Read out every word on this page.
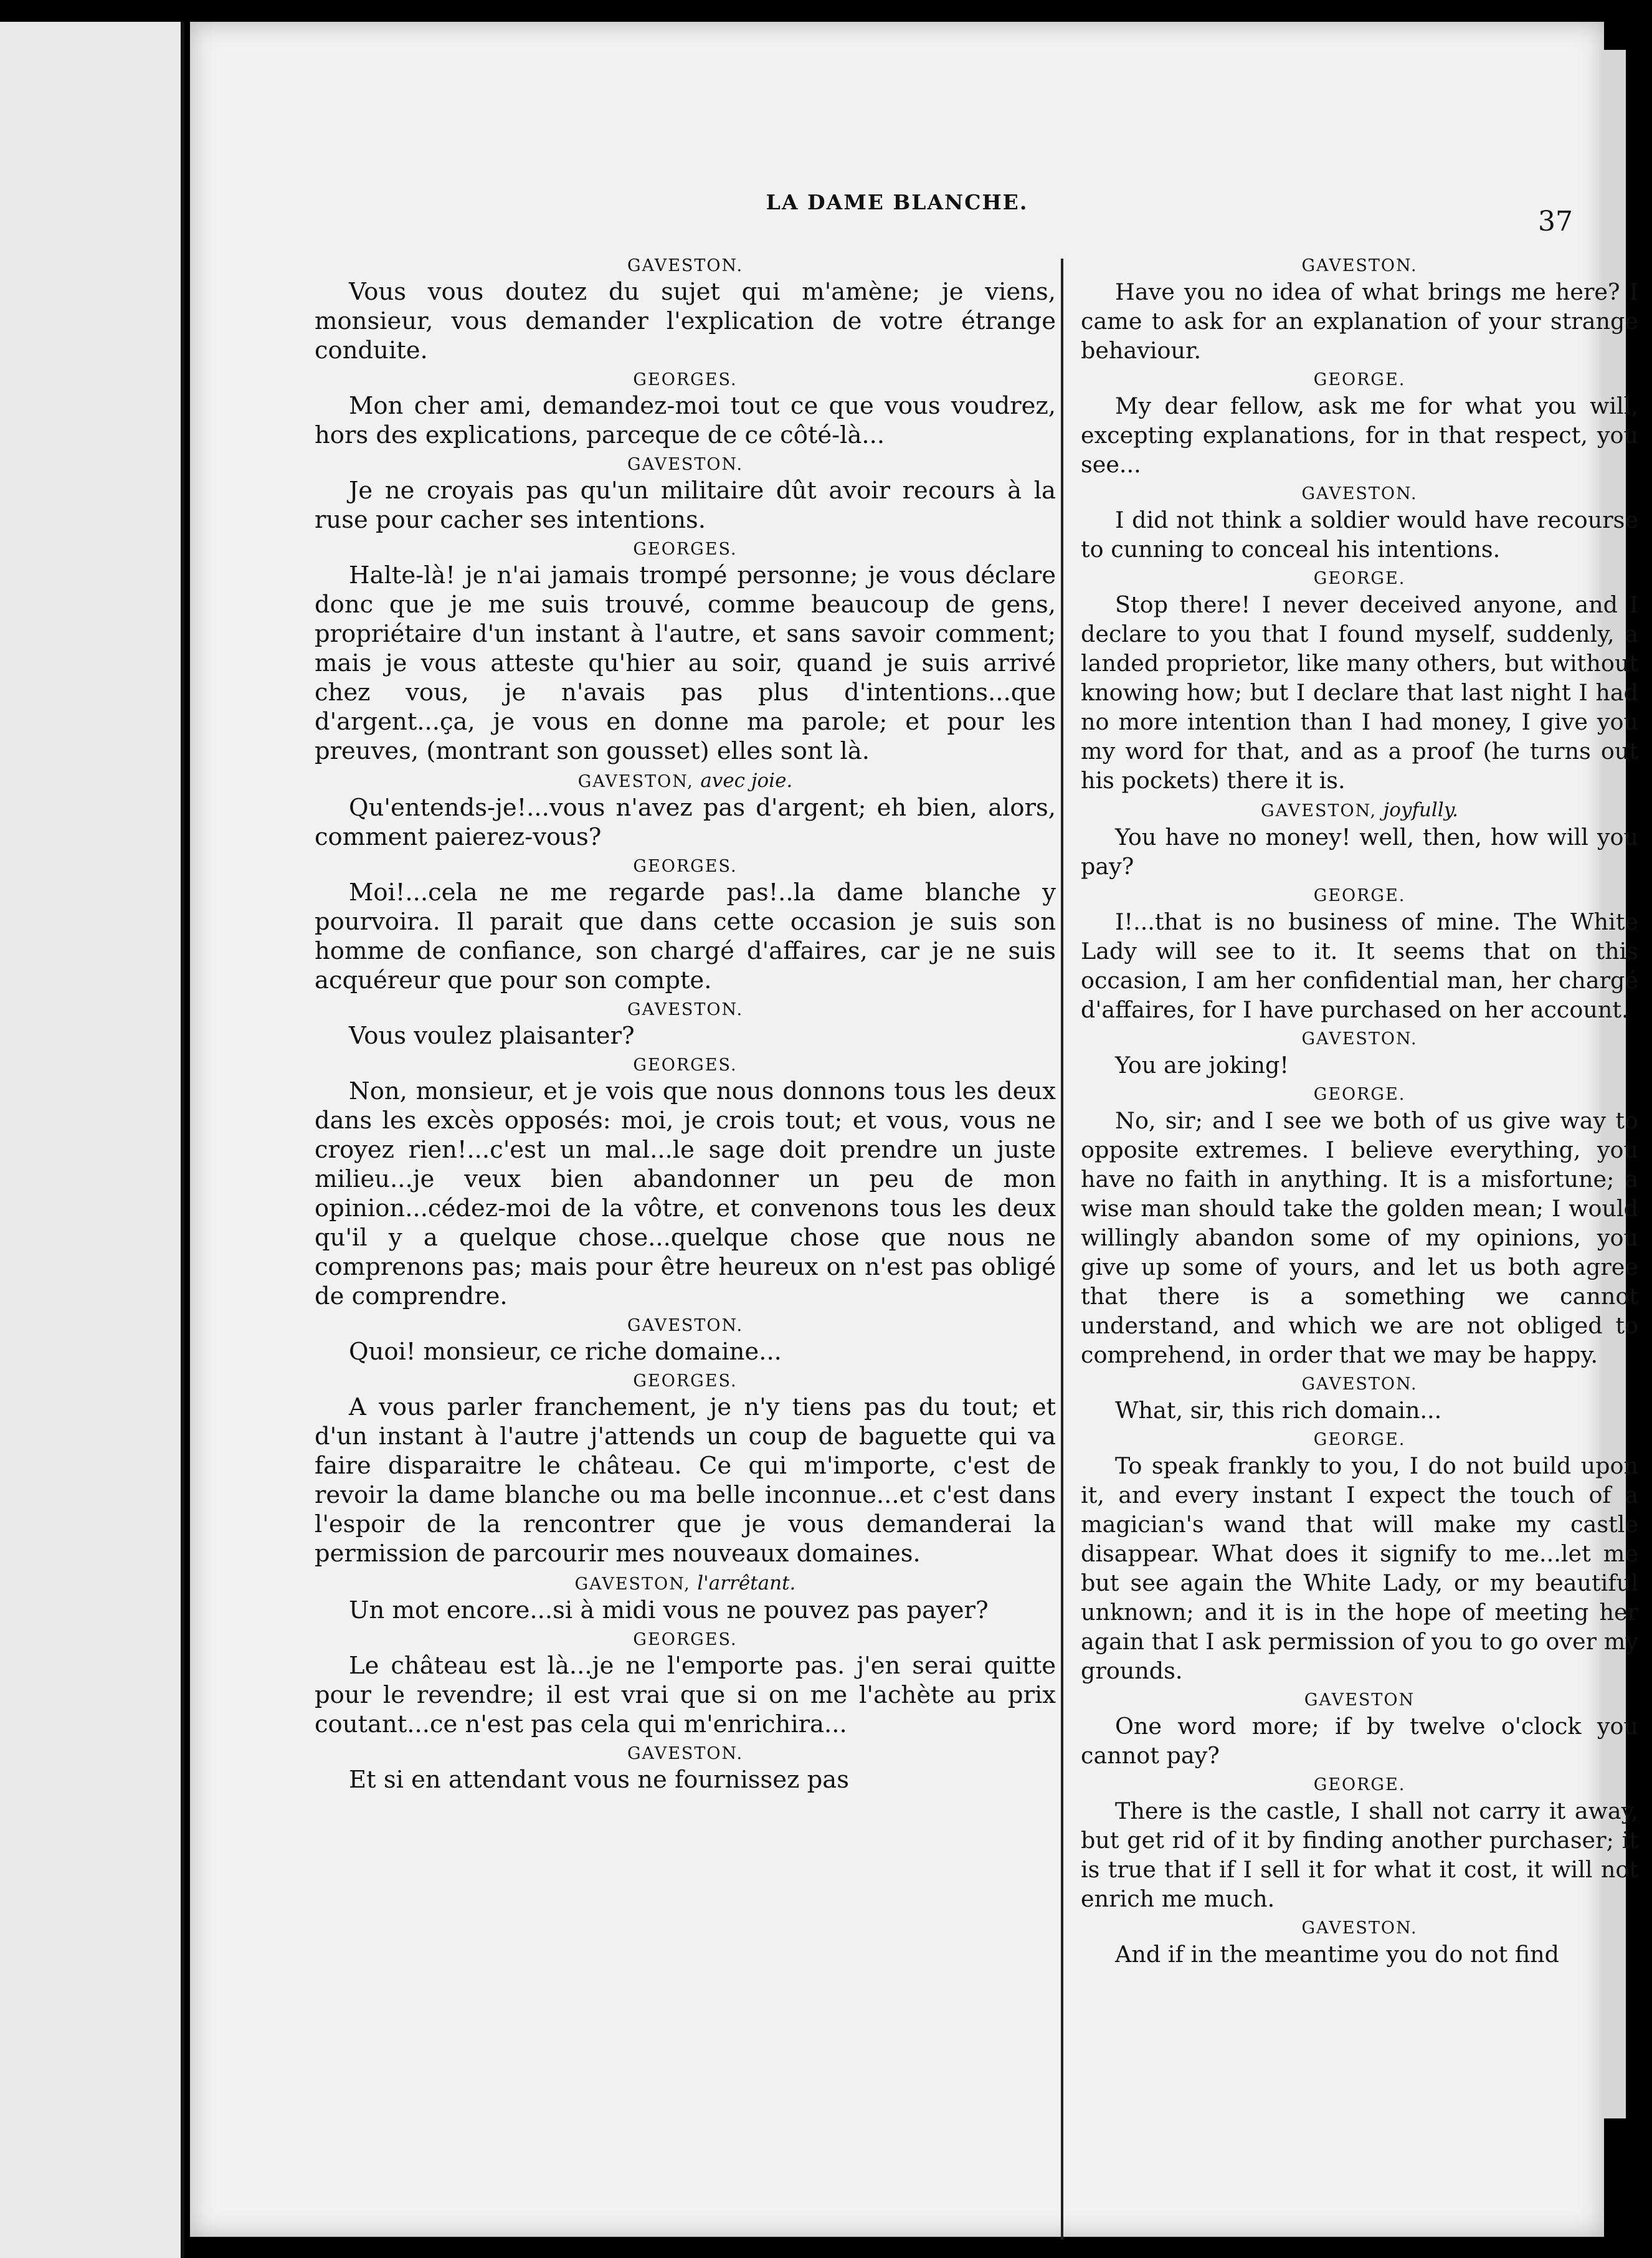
LA DAME BLANCHE.
37
GAVESTON.

Vous vous doutez du sujet qui m'amène; je viens, monsieur, vous demander l'explication de votre étrange conduite.

GEORGES.

Mon cher ami, demandez-moi tout ce que vous voudrez, hors des explications, parceque de ce côté-là...

GAVESTON.

Je ne croyais pas qu'un militaire dût avoir recours à la ruse pour cacher ses intentions.

GEORGES.

Halte-là! je n'ai jamais trompé personne; je vous déclare donc que je me suis trouvé, comme beaucoup de gens, propriétaire d'un instant à l'autre, et sans savoir comment; mais je vous atteste qu'hier au soir, quand je suis arrivé chez vous, je n'avais pas plus d'intentions...que d'argent...ça, je vous en donne ma parole; et pour les preuves, (montrant son gousset) elles sont là.

GAVESTON, avec joie.

Qu'entends-je!...vous n'avez pas d'argent; eh bien, alors, comment paierez-vous?

GEORGES.

Moi!...cela ne me regarde pas!..la dame blanche y pourvoira. Il parait que dans cette occasion je suis son homme de confiance, son chargé d'affaires, car je ne suis acquéreur que pour son compte.

GAVESTON.

Vous voulez plaisanter?

GEORGES.

Non, monsieur, et je vois que nous donnons tous les deux dans les excès opposés: moi, je crois tout; et vous, vous ne croyez rien!...c'est un mal...le sage doit prendre un juste milieu...je veux bien abandonner un peu de mon opinion...cédez-moi de la vôtre, et convenons tous les deux qu'il y a quelque chose...quelque chose que nous ne comprenons pas; mais pour être heureux on n'est pas obligé de comprendre.

GAVESTON.

Quoi! monsieur, ce riche domaine...

GEORGES.

A vous parler franchement, je n'y tiens pas du tout; et d'un instant à l'autre j'attends un coup de baguette qui va faire disparaitre le château. Ce qui m'importe, c'est de revoir la dame blanche ou ma belle inconnue...et c'est dans l'espoir de la rencontrer que je vous demanderai la permission de parcourir mes nouveaux domaines.

GAVESTON, l'arrêtant.

Un mot encore...si à midi vous ne pouvez pas payer?

GEORGES.

Le château est là...je ne l'emporte pas. j'en serai quitte pour le revendre; il est vrai que si on me l'achète au prix coutant...ce n'est pas cela qui m'enrichira...

GAVESTON.

Et si en attendant vous ne fournissez pas

GAVESTON.

Have you no idea of what brings me here? I came to ask for an explanation of your strange behaviour.

GEORGE.

My dear fellow, ask me for what you will, excepting explanations, for in that respect, you see...

GAVESTON.

I did not think a soldier would have recourse to cunning to conceal his intentions.

GEORGE.

Stop there! I never deceived anyone, and I declare to you that I found myself, suddenly, a landed proprietor, like many others, but without knowing how; but I declare that last night I had no more intention than I had money, I give you my word for that, and as a proof (he turns out his pockets) there it is.

GAVESTON, joyfully.

You have no money! well, then, how will you pay?

GEORGE.

I!...that is no business of mine. The White Lady will see to it. It seems that on this occasion, I am her confidential man, her chargé d'affaires, for I have purchased on her account.

GAVESTON.

You are joking!

GEORGE.

No, sir; and I see we both of us give way to opposite extremes. I believe everything, you have no faith in anything. It is a misfortune; a wise man should take the golden mean; I would willingly abandon some of my opinions, you give up some of yours, and let us both agree that there is a something we cannot understand, and which we are not obliged to comprehend, in order that we may be happy.

GAVESTON.

What, sir, this rich domain...

GEORGE.

To speak frankly to you, I do not build upon it, and every instant I expect the touch of a magician's wand that will make my castle disappear. What does it signify to me...let me but see again the White Lady, or my beautiful unknown; and it is in the hope of meeting her again that I ask permission of you to go over my grounds.

GAVESTON

One word more; if by twelve o'clock you cannot pay?

GEORGE.

There is the castle, I shall not carry it away, but get rid of it by finding another purchaser; it is true that if I sell it for what it cost, it will not enrich me much.

GAVESTON.

And if in the meantime you do not find
